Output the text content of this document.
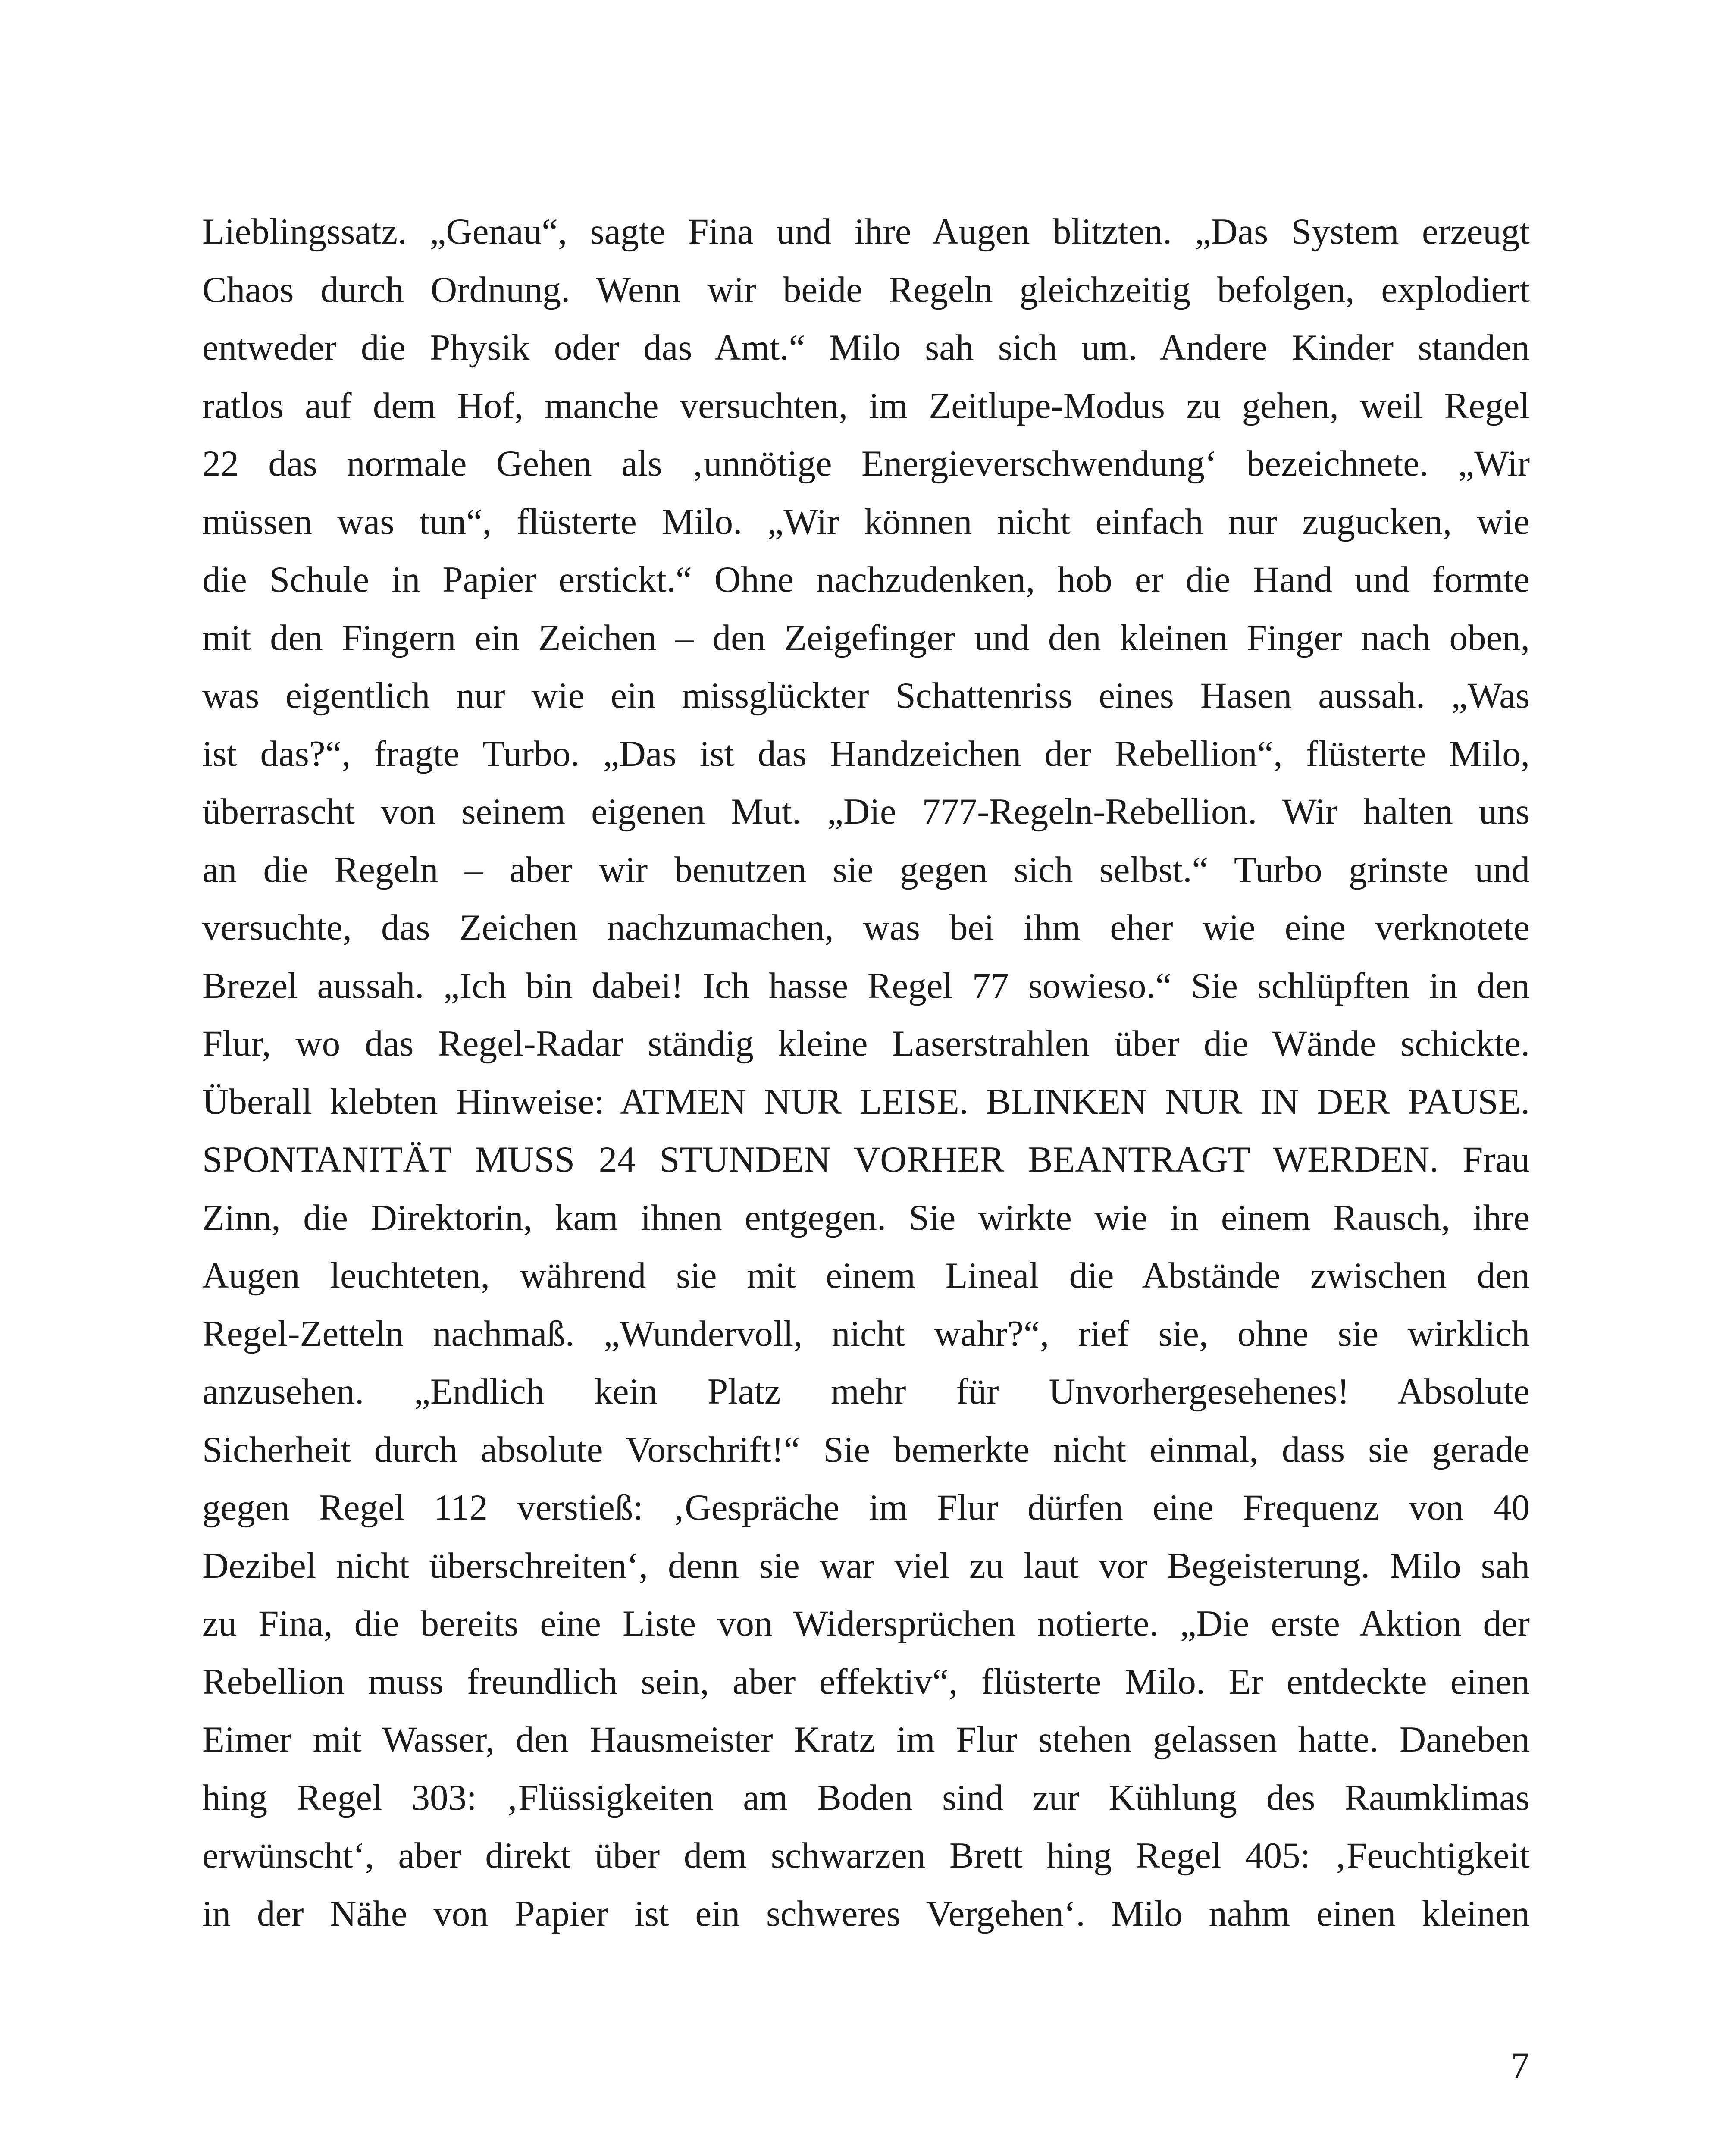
Lieblingssatz. „Genau“, sagte Fina und ihre Augen blitzten. „Das System erzeugt
Chaos durch Ordnung. Wenn wir beide Regeln gleichzeitig befolgen, explodiert
entweder die Physik oder das Amt.“ Milo sah sich um. Andere Kinder standen
ratlos auf dem Hof, manche versuchten, im Zeitlupe-Modus zu gehen, weil Regel
22 das normale Gehen als ‚unnötige Energieverschwendung‘ bezeichnete. „Wir
müssen was tun“, flüsterte Milo. „Wir können nicht einfach nur zugucken, wie
die Schule in Papier erstickt.“ Ohne nachzudenken, hob er die Hand und formte
mit den Fingern ein Zeichen – den Zeigefinger und den kleinen Finger nach oben,
was eigentlich nur wie ein missglückter Schattenriss eines Hasen aussah. „Was
ist das?“, fragte Turbo. „Das ist das Handzeichen der Rebellion“, flüsterte Milo,
überrascht von seinem eigenen Mut. „Die 777-Regeln-Rebellion. Wir halten uns
an die Regeln – aber wir benutzen sie gegen sich selbst.“ Turbo grinste und
versuchte, das Zeichen nachzumachen, was bei ihm eher wie eine verknotete
Brezel aussah. „Ich bin dabei! Ich hasse Regel 77 sowieso.“ Sie schlüpften in den
Flur, wo das Regel-Radar ständig kleine Laserstrahlen über die Wände schickte.
Überall klebten Hinweise: ATMEN NUR LEISE. BLINKEN NUR IN DER PAUSE.
SPONTANITÄT MUSS 24 STUNDEN VORHER BEANTRAGT WERDEN. Frau
Zinn, die Direktorin, kam ihnen entgegen. Sie wirkte wie in einem Rausch, ihre
Augen leuchteten, während sie mit einem Lineal die Abstände zwischen den
Regel-Zetteln nachmaß. „Wundervoll, nicht wahr?“, rief sie, ohne sie wirklich
anzusehen. „Endlich kein Platz mehr für Unvorhergesehenes! Absolute
Sicherheit durch absolute Vorschrift!“ Sie bemerkte nicht einmal, dass sie gerade
gegen Regel 112 verstieß: ‚Gespräche im Flur dürfen eine Frequenz von 40
Dezibel nicht überschreiten‘, denn sie war viel zu laut vor Begeisterung. Milo sah
zu Fina, die bereits eine Liste von Widersprüchen notierte. „Die erste Aktion der
Rebellion muss freundlich sein, aber effektiv“, flüsterte Milo. Er entdeckte einen
Eimer mit Wasser, den Hausmeister Kratz im Flur stehen gelassen hatte. Daneben
hing Regel 303: ‚Flüssigkeiten am Boden sind zur Kühlung des Raumklimas
erwünscht‘, aber direkt über dem schwarzen Brett hing Regel 405: ‚Feuchtigkeit
in der Nähe von Papier ist ein schweres Vergehen‘. Milo nahm einen kleinen
7
